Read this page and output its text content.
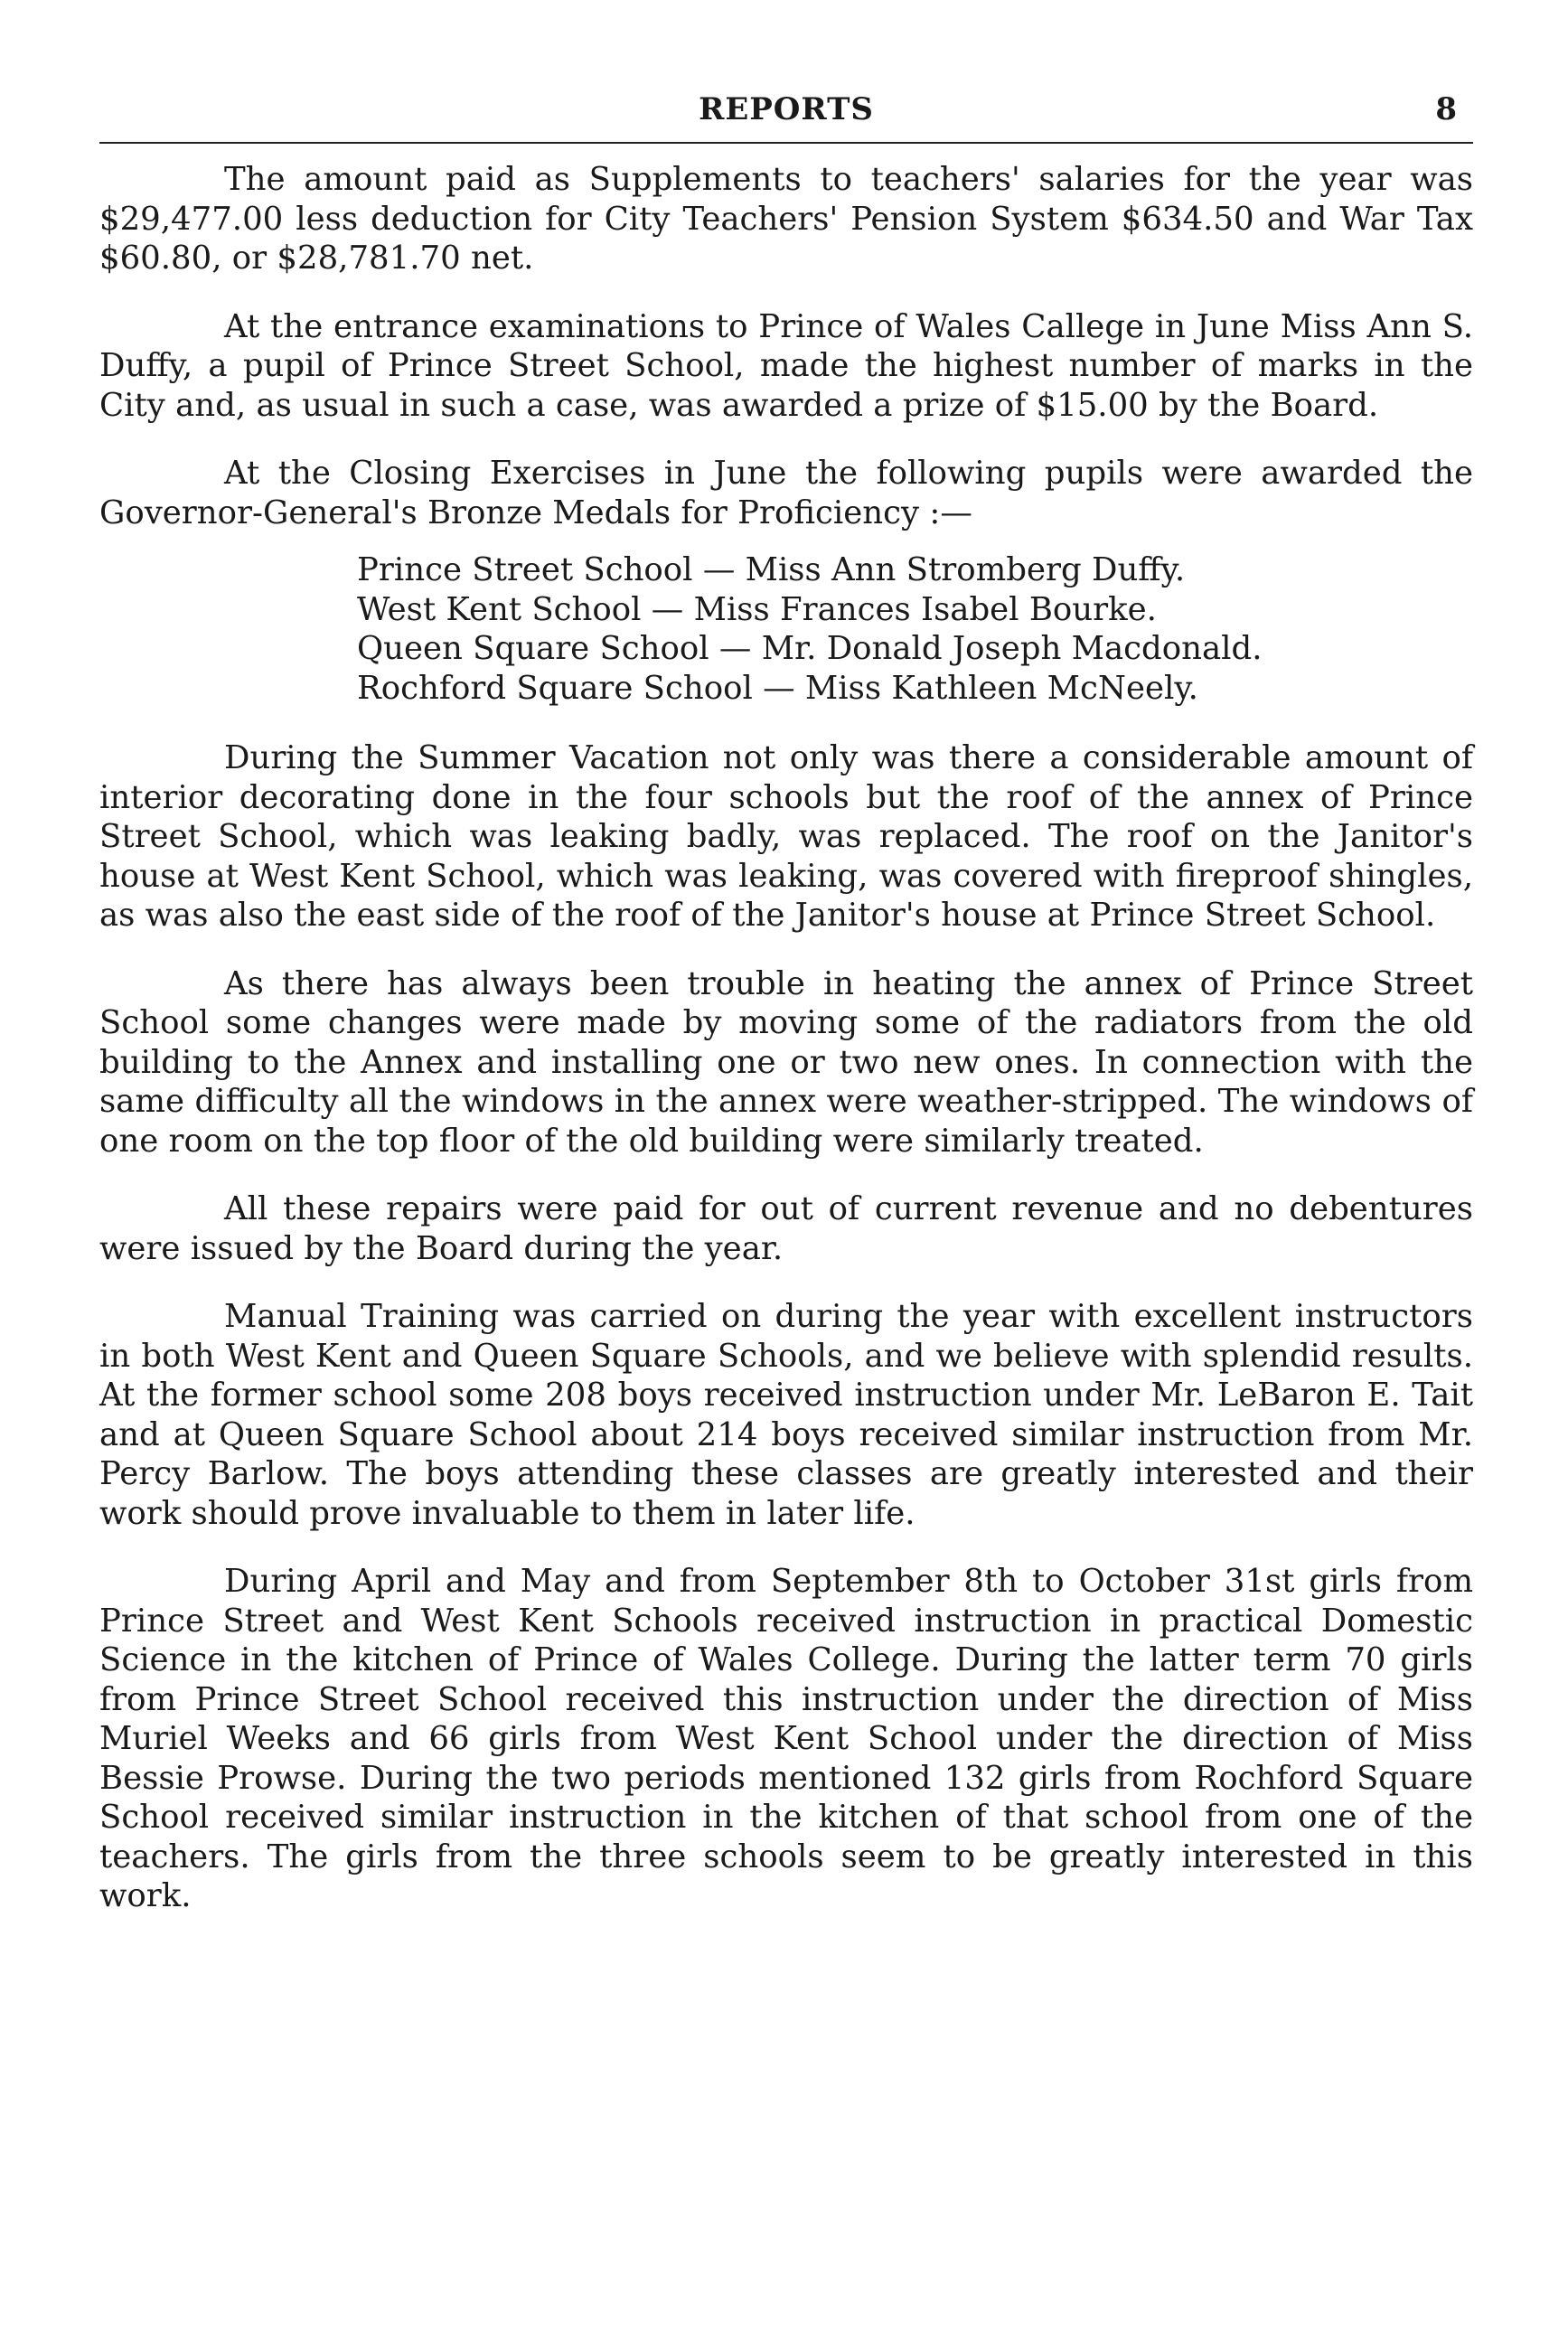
REPORTS	8

The amount paid as Supplements to teachers' salaries for the year was $29,477.00 less deduction for City Teachers' Pension System $634.50 and War Tax $60.80, or $28,781.70 net.

At the entrance examinations to Prince of Wales Callege in June Miss Ann S. Duffy, a pupil of Prince Street School, made the highest number of marks in the City and, as usual in such a case, was awarded a prize of $15.00 by the Board.

At the Closing Exercises in June the following pupils were awarded the Governor-General's Bronze Medals for Proficiency :—

Prince Street School — Miss Ann Stromberg Duffy.
West Kent School — Miss Frances Isabel Bourke.
Queen Square School — Mr. Donald Joseph Macdonald.
Rochford Square School — Miss Kathleen McNeely.

During the Summer Vacation not only was there a considerable amount of interior decorating done in the four schools but the roof of the annex of Prince Street School, which was leaking badly, was replaced. The roof on the Janitor's house at West Kent School, which was leaking, was covered with fireproof shingles, as was also the east side of the roof of the Janitor's house at Prince Street School.

As there has always been trouble in heating the annex of Prince Street School some changes were made by moving some of the radiators from the old building to the Annex and installing one or two new ones. In connection with the same difficulty all the windows in the annex were weather-stripped. The windows of one room on the top floor of the old building were similarly treated.

All these repairs were paid for out of current revenue and no debentures were issued by the Board during the year.

Manual Training was carried on during the year with excellent instructors in both West Kent and Queen Square Schools, and we believe with splendid results. At the former school some 208 boys received instruction under Mr. LeBaron E. Tait and at Queen Square School about 214 boys received similar instruction from Mr. Percy Barlow. The boys attending these classes are greatly interested and their work should prove invaluable to them in later life.

During April and May and from September 8th to October 31st girls from Prince Street and West Kent Schools received instruction in practical Domestic Science in the kitchen of Prince of Wales College. During the latter term 70 girls from Prince Street School received this instruction under the direction of Miss Muriel Weeks and 66 girls from West Kent School under the direction of Miss Bessie Prowse. During the two periods mentioned 132 girls from Rochford Square School received similar instruction in the kitchen of that school from one of the teachers. The girls from the three schools seem to be greatly interested in this work.
